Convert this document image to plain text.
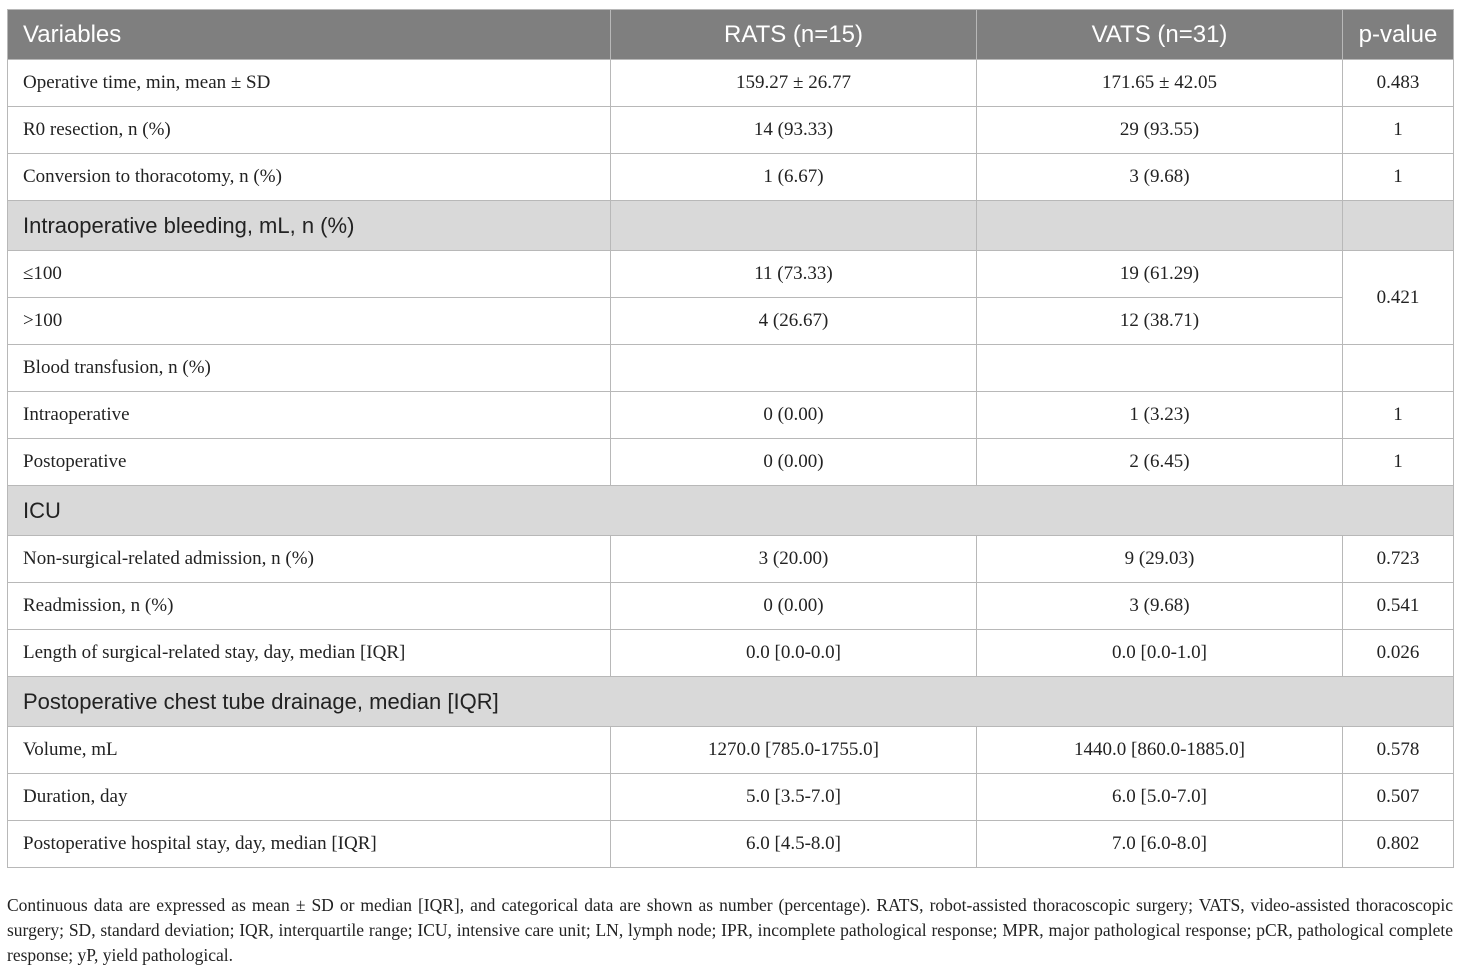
Variables	RATS (n=15)	VATS (n=31)	p-value
Operative time, min, mean ± SD	159.27 ± 26.77	171.65 ± 42.05	0.483
R0 resection, n (%)	14 (93.33)	29 (93.55)	1
Conversion to thoracotomy, n (%)	1 (6.67)	3 (9.68)	1
Intraoperative bleeding, mL, n (%)			
≤100	11 (73.33)	19 (61.29)	0.421
>100	4 (26.67)	12 (38.71)	
Blood transfusion, n (%)			
Intraoperative	0 (0.00)	1 (3.23)	1
Postoperative	0 (0.00)	2 (6.45)	1
ICU			
Non-surgical-related admission, n (%)	3 (20.00)	9 (29.03)	0.723
Readmission, n (%)	0 (0.00)	3 (9.68)	0.541
Length of surgical-related stay, day, median [IQR]	0.0 [0.0-0.0]	0.0 [0.0-1.0]	0.026
Postoperative chest tube drainage, median [IQR]			
Volume, mL	1270.0 [785.0-1755.0]	1440.0 [860.0-1885.0]	0.578
Duration, day	5.0 [3.5-7.0]	6.0 [5.0-7.0]	0.507
Postoperative hospital stay, day, median [IQR]	6.0 [4.5-8.0]	7.0 [6.0-8.0]	0.802
Continuous data are expressed as mean ± SD or median [IQR], and categorical data are shown as number (percentage). RATS, robot-assisted thoracoscopic surgery; VATS, video-assisted thoracoscopic surgery; SD, standard deviation; IQR, interquartile range; ICU, intensive care unit; LN, lymph node; IPR, incomplete pathological response; MPR, major pathological response; pCR, pathological complete response; yP, yield pathological.
